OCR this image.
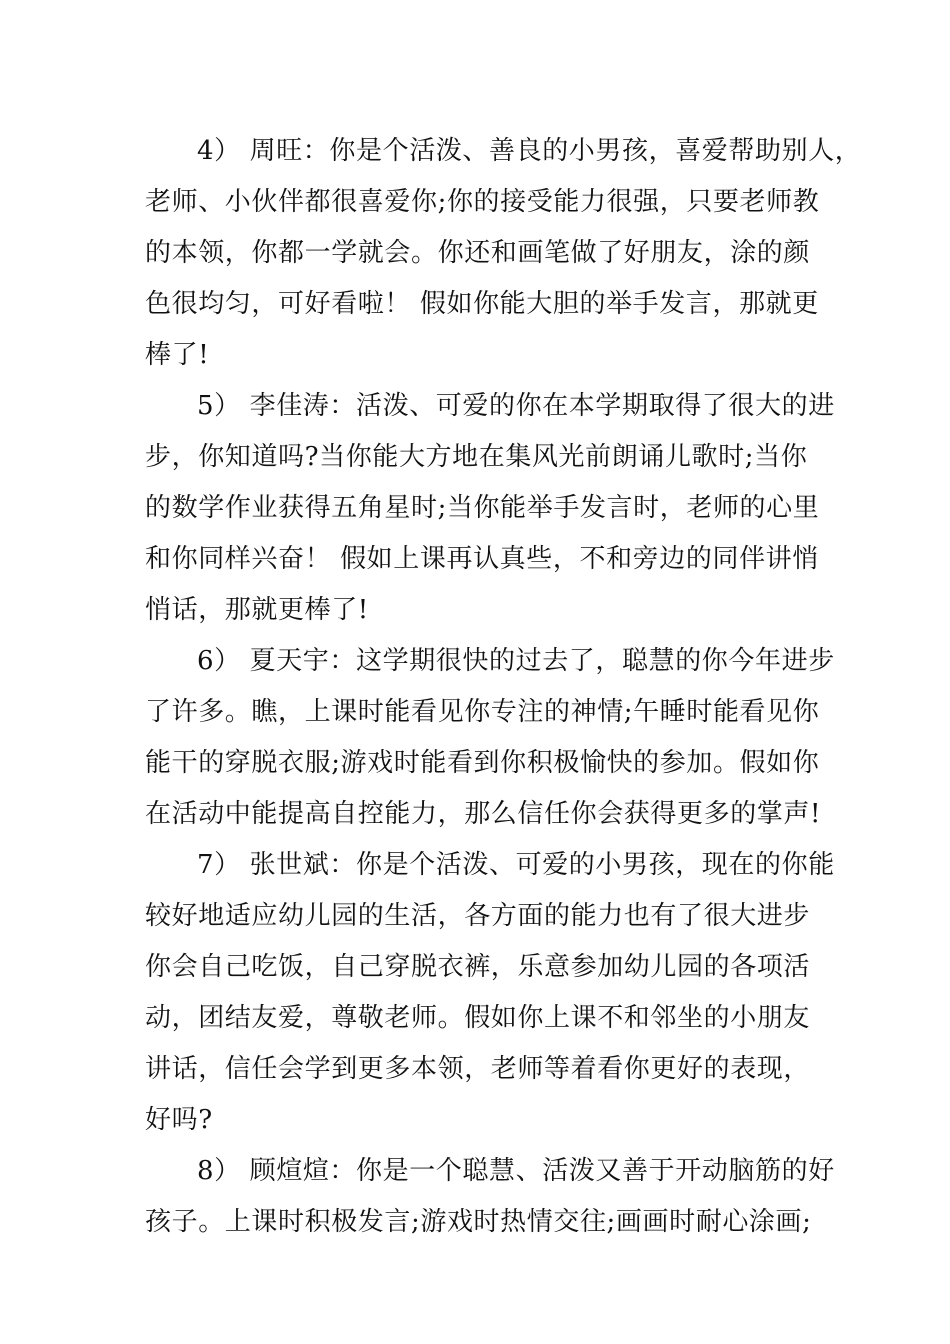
4） 周旺：你是个活泼、善良的小男孩，喜爱帮助别人，
老师、小伙伴都很喜爱你;你的接受能力很强，只要老师教
的本领，你都一学就会。你还和画笔做了好朋友，涂的颜
色很均匀，可好看啦！ 假如你能大胆的举手发言，那就更
棒了!
5） 李佳涛：活泼、可爱的你在本学期取得了很大的进
步，你知道吗?当你能大方地在集风光前朗诵儿歌时;当你
的数学作业获得五角星时;当你能举手发言时，老师的心里
和你同样兴奋！ 假如上课再认真些，不和旁边的同伴讲悄
悄话，那就更棒了!
6） 夏天宇：这学期很快的过去了，聪慧的你今年进步
了许多。瞧，上课时能看见你专注的神情;午睡时能看见你
能干的穿脱衣服;游戏时能看到你积极愉快的参加。假如你
在活动中能提高自控能力，那么信任你会获得更多的掌声!
7） 张世斌：你是个活泼、可爱的小男孩，现在的你能
较好地适应幼儿园的生活，各方面的能力也有了很大进步
你会自己吃饭，自己穿脱衣裤，乐意参加幼儿园的各项活
动，团结友爱，尊敬老师。假如你上课不和邻坐的小朋友
讲话，信任会学到更多本领，老师等着看你更好的表现，
好吗?
8） 顾煊煊：你是一个聪慧、活泼又善于开动脑筋的好
孩子。上课时积极发言;游戏时热情交往;画画时耐心涂画;
